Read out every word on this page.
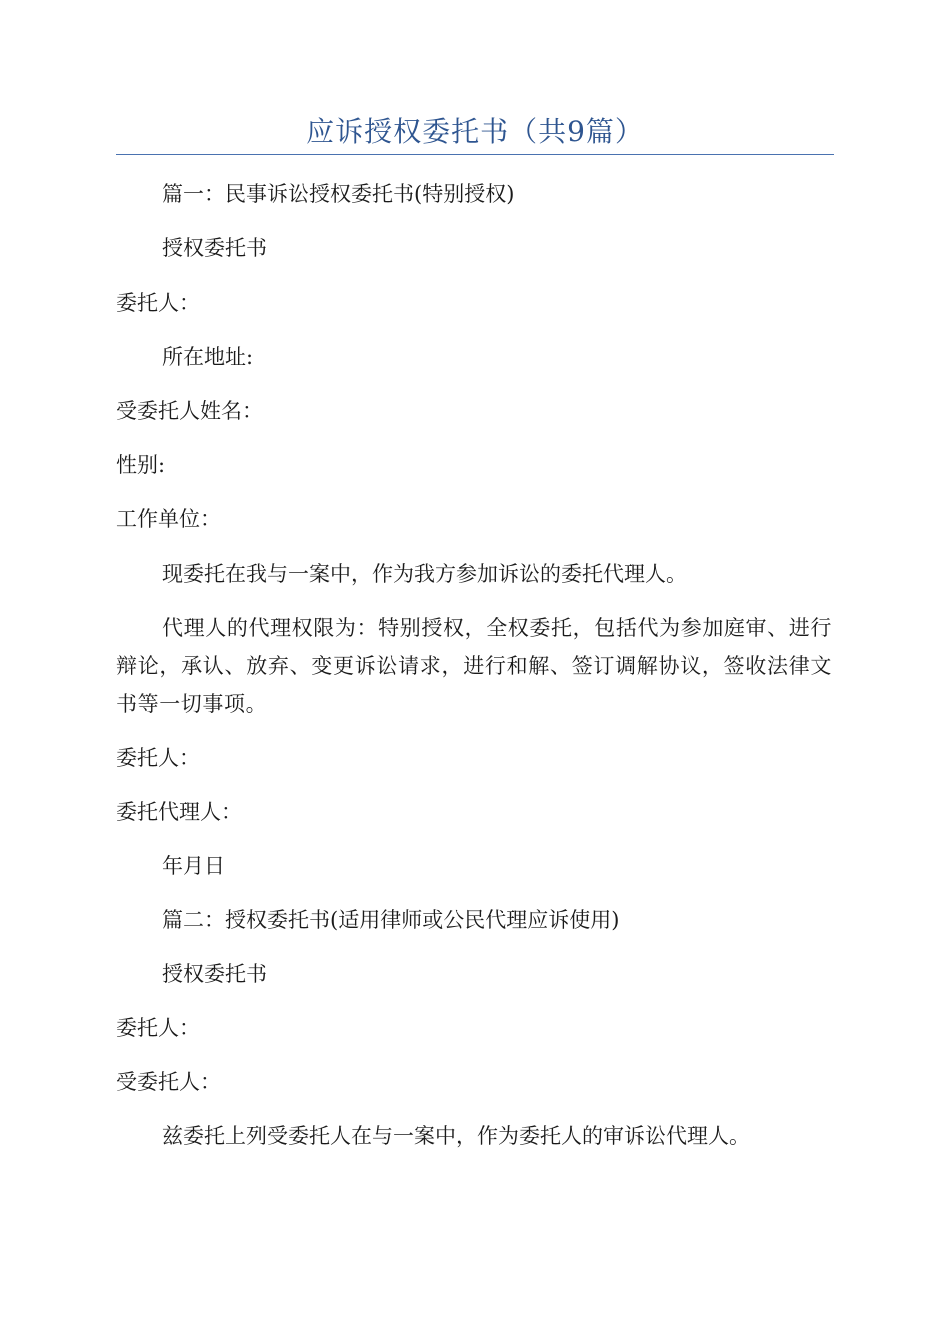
应诉授权委托书（共9篇）
篇一：民事诉讼授权委托书(特别授权)
授权委托书
委托人：
所在地址:
受委托人姓名：
性别:
工作单位：
现委托在我与一案中，作为我方参加诉讼的委托代理人。
代理人的代理权限为：特别授权，全权委托，包括代为参加庭审、进行辩论，承认、放弃、变更诉讼请求，进行和解、签订调解协议，签收法律文书等一切事项。
委托人：
委托代理人：
年月日
篇二：授权委托书(适用律师或公民代理应诉使用)
授权委托书
委托人：
受委托人：
兹委托上列受委托人在与一案中，作为委托人的审诉讼代理人。
